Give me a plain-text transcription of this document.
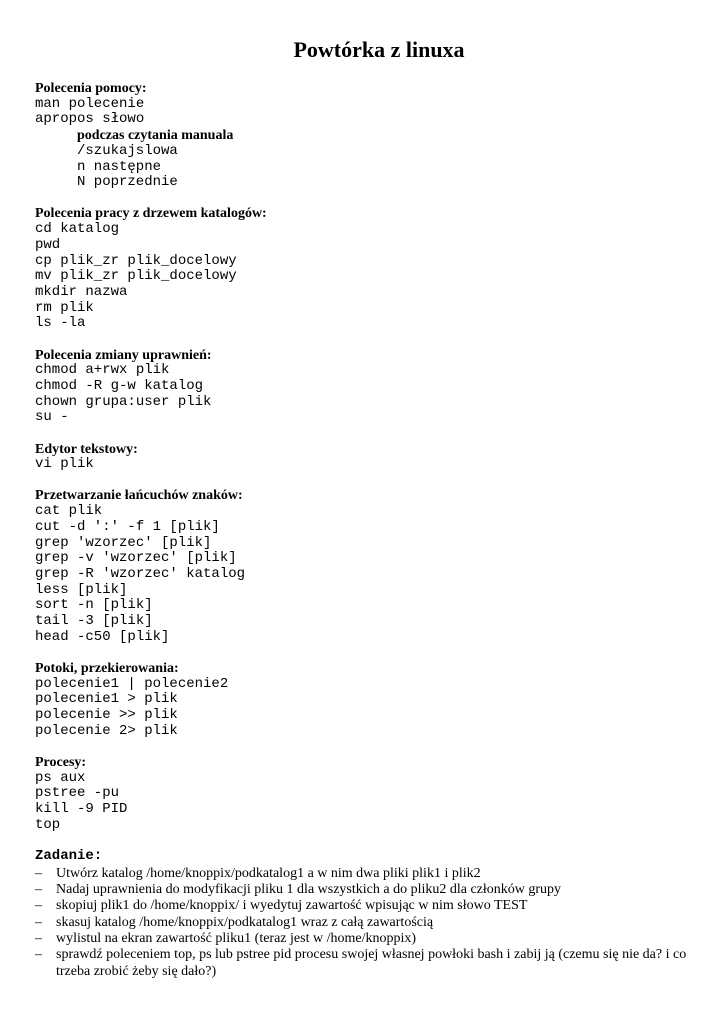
Powtórka z linuxa

Polecenia pomocy:

man polecenie

apropos słowo

podczas czytania manuala

/szukajslowa

n następne

N poprzednie

Polecenia pracy z drzewem katalogów:

cd katalog

pwd

cp plik_zr plik_docelowy

mv plik_zr plik_docelowy

mkdir nazwa

rm plik

ls -la

Polecenia zmiany uprawnień:

chmod a+rwx plik

chmod -R g-w katalog

chown grupa:user plik

su -

Edytor tekstowy:

vi plik

Przetwarzanie łańcuchów znaków:

cat plik

cut -d ':' -f 1 [plik]

grep 'wzorzec' [plik]

grep -v 'wzorzec' [plik]

grep -R 'wzorzec' katalog

less [plik]

sort -n [plik]

tail -3 [plik]

head -c50 [plik]

Potoki, przekierowania:

polecenie1 | polecenie2

polecenie1 > plik

polecenie >> plik

polecenie 2> plik

Procesy:

ps aux

pstree -pu

kill -9 PID

top

Zadanie:

– Utwórz katalog /home/knoppix/podkatalog1 a w nim dwa pliki plik1 i plik2
– Nadaj uprawnienia do modyfikacji pliku 1 dla wszystkich a do pliku2 dla członków grupy
– skopiuj plik1 do /home/knoppix/ i wyedytuj zawartość wpisując w nim słowo TEST
– skasuj katalog /home/knoppix/podkatalog1 wraz z całą zawartością
– wylistul na ekran zawartość pliku1 (teraz jest w /home/knoppix)
– sprawdź poleceniem top, ps lub pstree pid procesu swojej własnej powłoki bash i zabij ją (czemu się nie da? i co trzeba zrobić żeby się dało?)
